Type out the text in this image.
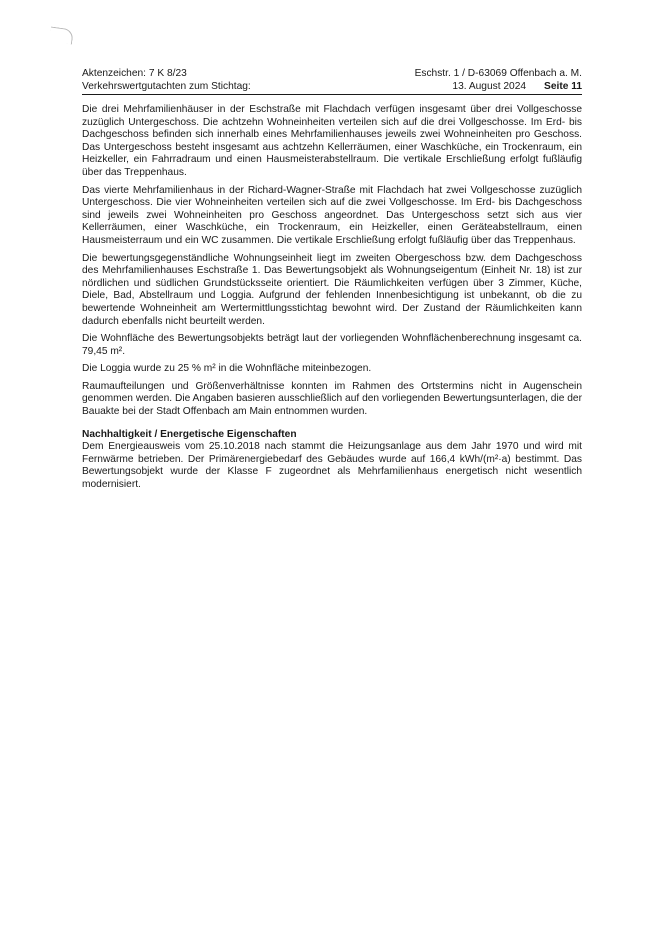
Aktenzeichen: 7 K 8/23	Eschstr. 1 / D-63069 Offenbach a. M.
Verkehrswertgutachten zum Stichtag:	13. August 2024 Seite 11

Die drei Mehrfamilienhäuser in der Eschstraße mit Flachdach verfügen insgesamt über drei Vollgeschosse zuzüglich Untergeschoss. Die achtzehn Wohneinheiten verteilen sich auf die drei Vollgeschosse. Im Erd- bis Dachgeschoss befinden sich innerhalb eines Mehrfamilienhauses jeweils zwei Wohneinheiten pro Geschoss. Das Untergeschoss besteht insgesamt aus achtzehn Kellerräumen, einer Waschküche, ein Trockenraum, ein Heizkeller, ein Fahrradraum und einen Hausmeisterabstellraum. Die vertikale Erschließung erfolgt fußläufig über das Treppenhaus.

Das vierte Mehrfamilienhaus in der Richard-Wagner-Straße mit Flachdach hat zwei Vollgeschosse zuzüglich Untergeschoss. Die vier Wohneinheiten verteilen sich auf die zwei Vollgeschosse. Im Erd- bis Dachgeschoss sind jeweils zwei Wohneinheiten pro Geschoss angeordnet. Das Untergeschoss setzt sich aus vier Kellerräumen, einer Waschküche, ein Trockenraum, ein Heizkeller, einen Geräteabstellraum, einen Hausmeisterraum und ein WC zusammen. Die vertikale Erschließung erfolgt fußläufig über das Treppenhaus.

Die bewertungsgegenständliche Wohnungseinheit liegt im zweiten Obergeschoss bzw. dem Dachgeschoss des Mehrfamilienhauses Eschstraße 1. Das Bewertungsobjekt als Wohnungseigentum (Einheit Nr. 18) ist zur nördlichen und südlichen Grundstücksseite orientiert. Die Räumlichkeiten verfügen über 3 Zimmer, Küche, Diele, Bad, Abstellraum und Loggia. Aufgrund der fehlenden Innenbesichtigung ist unbekannt, ob die zu bewertende Wohneinheit am Wertermittlungsstichtag bewohnt wird. Der Zustand der Räumlichkeiten kann dadurch ebenfalls nicht beurteilt werden.

Die Wohnfläche des Bewertungsobjekts beträgt laut der vorliegenden Wohnflächenberechnung insgesamt ca. 79,45 m².

Die Loggia wurde zu 25 % m² in die Wohnfläche miteinbezogen.

Raumaufteilungen und Größenverhältnisse konnten im Rahmen des Ortstermins nicht in Augenschein genommen werden. Die Angaben basieren ausschließlich auf den vorliegenden Bewertungsunterlagen, die der Bauakte bei der Stadt Offenbach am Main entnommen wurden.

Nachhaltigkeit / Energetische Eigenschaften

Dem Energieausweis vom 25.10.2018 nach stammt die Heizungsanlage aus dem Jahr 1970 und wird mit Fernwärme betrieben. Der Primärenergiebedarf des Gebäudes wurde auf 166,4 kWh/(m²·a) bestimmt. Das Bewertungsobjekt wurde der Klasse F zugeordnet als Mehrfamilienhaus energetisch nicht wesentlich modernisiert.
